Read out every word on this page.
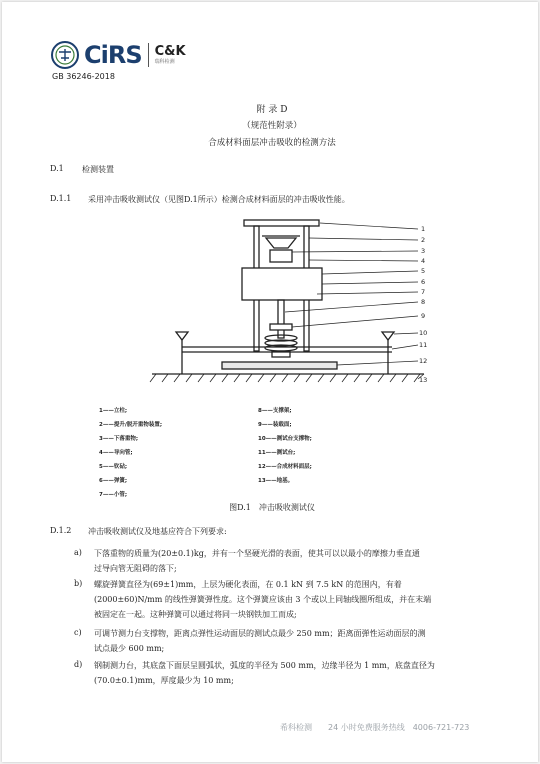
CiRS C&K
瑞科检测
GB 36246-2018
附 录 D
（规范性附录）
合成材料面层冲击吸收的检测方法
D.1 检测装置
D.1.1 采用冲击吸收测试仪（见图D.1所示）检测合成材料面层的冲击吸收性能。
1
2
3
4
5
6
7
8
9
10
11
12
13
1——立柱;
2——提升/脱开重物装置;
3——下落重物;
4——导向管;
5——钦砧;
6——弹簧;
7——小管;
8——支撑架;
9——装载面;
10——测试台支撑物;
11——测试台;
12——合成材料面层;
13——地基。
图D.1　冲击吸收测试仪
D.1.2 冲击吸收测试仪及地基应符合下列要求:
a) 下落重物的质量为(20±0.1)kg，并有一个坚硬光滑的表面，使其可以以最小的摩擦力垂直通
过导向管无阻碍的落下;
b) 螺旋弹簧直径为(69±1)mm，上层为硬化表面，在 0.1 kN 到 7.5 kN 的范围内，有着
(2000±60)N/mm 的线性弹簧弹性度。这个弹簧应该由 3 个或以上同轴线圈所组成，并在末端
被固定在一起。这种弹簧可以通过将同一块钢铁加工而成;
c) 可调节测力台支撑物，距离点弹性运动面层的测试点最少 250 mm；距离面弹性运动面层的测
试点最少 600 mm;
d) 钢制测力台，其底盘下面层呈圆弧状，弧度的半径为 500 mm，边缘半径为 1 mm，底盘直径为
(70.0±0.1)mm，厚度最少为 10 mm;
希科检测　　24 小时免费服务热线　4006-721-723
